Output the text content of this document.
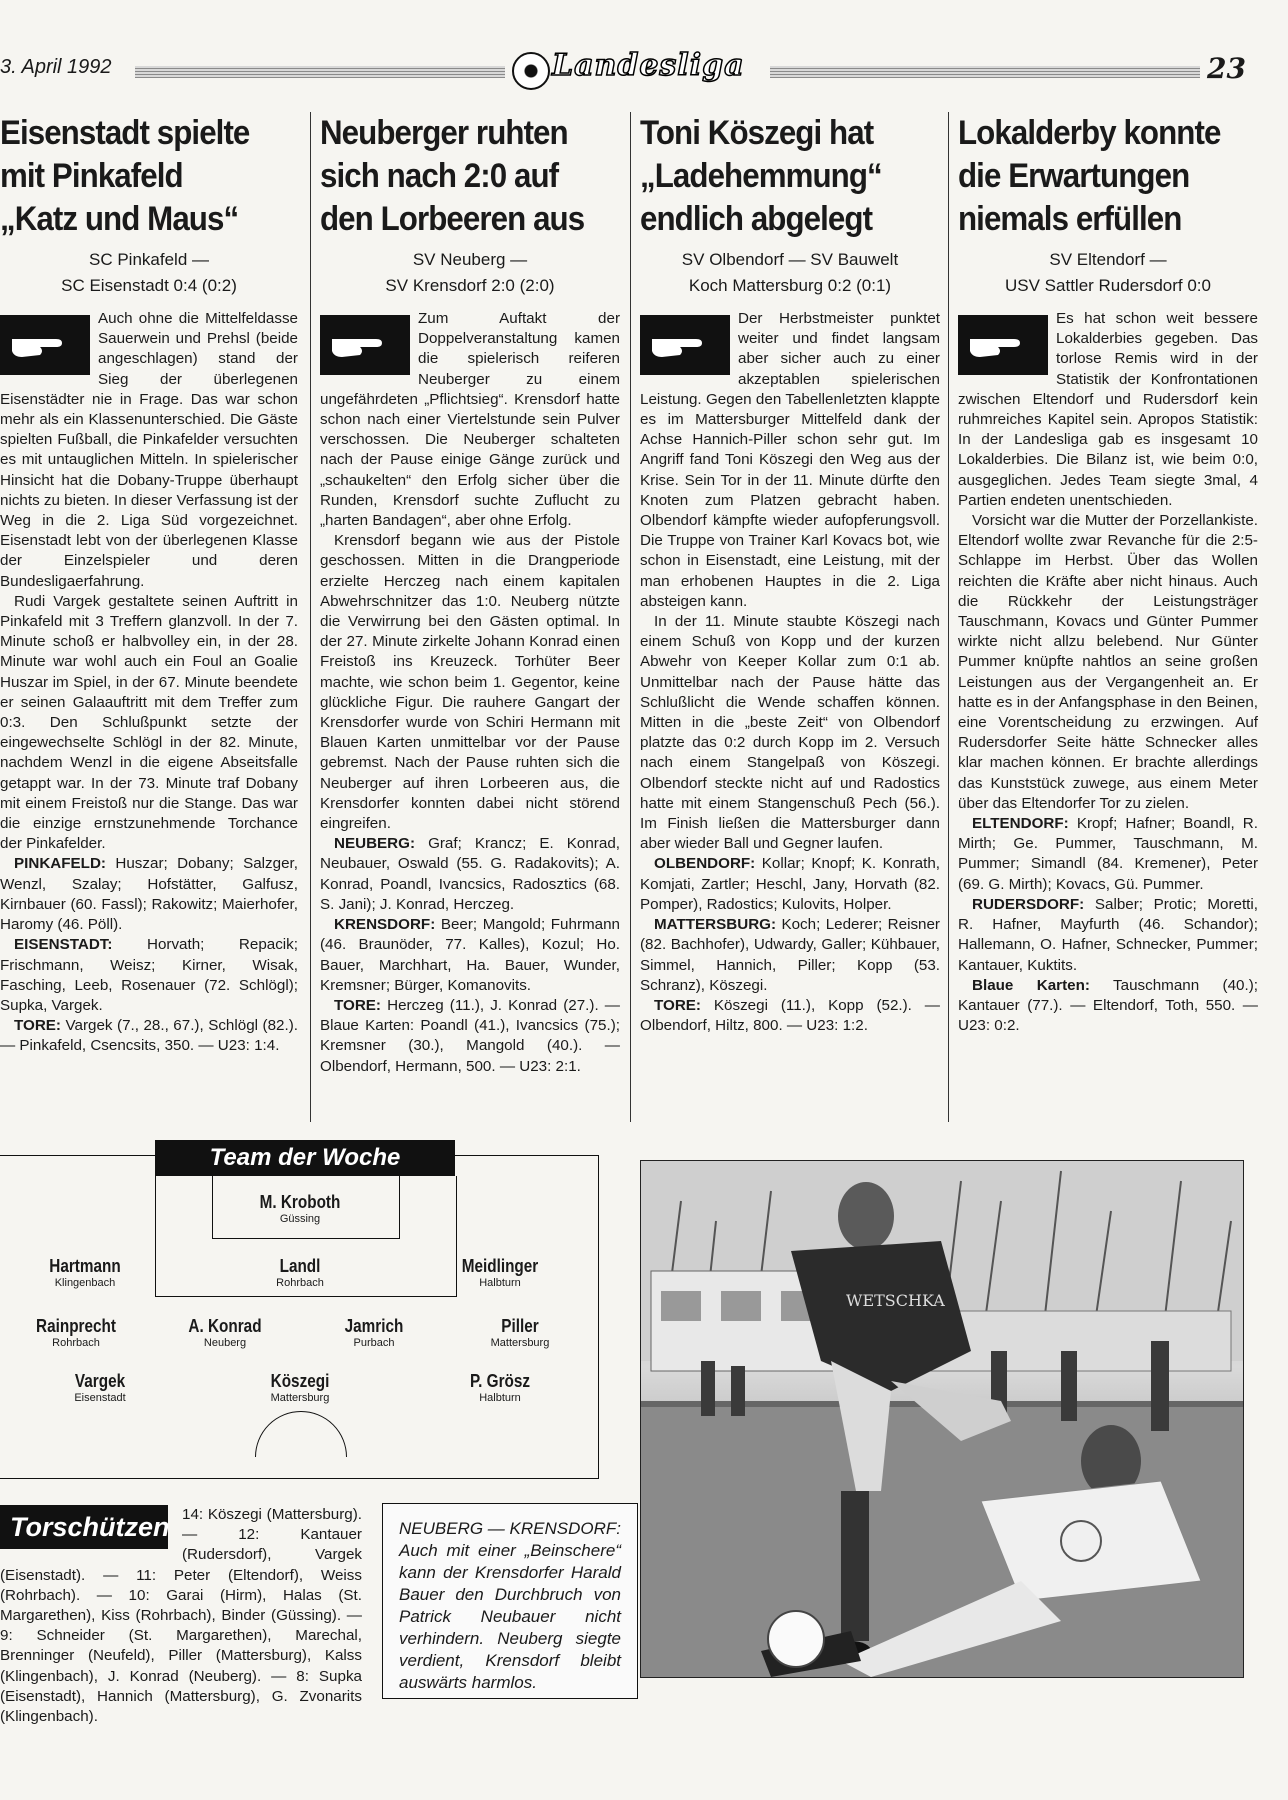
3. April 1992	Landesliga	23
Eisenstadt spielte
mit Pinkafeld
„Katz und Maus“
SC Pinkafeld —
SC Eisenstadt 0:4 (0:2)

Auch ohne die Mittelfeldasse Sauerwein und Prehsl (beide angeschlagen) stand der Sieg der überlegenen Eisenstädter nie in Frage. Das war schon mehr als ein Klassenunterschied. Die Gäste spielten Fußball, die Pinkafelder versuchten es mit untauglichen Mitteln. In spielerischer Hinsicht hat die Dobany-Truppe überhaupt nichts zu bieten. In dieser Verfassung ist der Weg in die 2. Liga Süd vorgezeichnet. Eisenstadt lebt von der überlegenen Klasse der Einzelspieler und deren Bundesligaerfahrung.

Rudi Vargek gestaltete seinen Auftritt in Pinkafeld mit 3 Treffern glanzvoll. In der 7. Minute schoß er halbvolley ein, in der 28. Minute war wohl auch ein Foul an Goalie Huszar im Spiel, in der 67. Minute beendete er seinen Galaauftritt mit dem Treffer zum 0:3. Den Schlußpunkt setzte der eingewechselte Schlögl in der 82. Minute, nachdem Wenzl in die eigene Abseitsfalle getappt war. In der 73. Minute traf Dobany mit einem Freistoß nur die Stange. Das war die einzige ernstzunehmende Torchance der Pinkafelder.

PINKAFELD: Huszar; Dobany; Salzger, Wenzl, Szalay; Hofstätter, Galfusz, Kirnbauer (60. Fassl); Rakowitz; Maierhofer, Haromy (46. Pöll).

EISENSTADT: Horvath; Repacik; Frischmann, Weisz; Kirner, Wisak, Fasching, Leeb, Rosenauer (72. Schlögl); Supka, Vargek.

TORE: Vargek (7., 28., 67.), Schlögl (82.). — Pinkafeld, Csencsits, 350. — U23: 1:4.

Neuberger ruhten
sich nach 2:0 auf
den Lorbeeren aus
SV Neuberg —
SV Krensdorf 2:0 (2:0)

Zum Auftakt der Doppelveranstaltung kamen die spielerisch reiferen Neuberger zu einem ungefährdeten „Pflichtsieg“. Krensdorf hatte schon nach einer Viertelstunde sein Pulver verschossen. Die Neuberger schalteten nach der Pause einige Gänge zurück und „schaukelten“ den Erfolg sicher über die Runden, Krensdorf suchte Zuflucht zu „harten Bandagen“, aber ohne Erfolg.

Krensdorf begann wie aus der Pistole geschossen. Mitten in die Drangperiode erzielte Herczeg nach einem kapitalen Abwehrschnitzer das 1:0. Neuberg nützte die Verwirrung bei den Gästen optimal. In der 27. Minute zirkelte Johann Konrad einen Freistoß ins Kreuzeck. Torhüter Beer machte, wie schon beim 1. Gegentor, keine glückliche Figur. Die rauhere Gangart der Krensdorfer wurde von Schiri Hermann mit Blauen Karten unmittelbar vor der Pause gebremst. Nach der Pause ruhten sich die Neuberger auf ihren Lorbeeren aus, die Krensdorfer konnten dabei nicht störend eingreifen.

NEUBERG: Graf; Krancz; E. Konrad, Neubauer, Oswald (55. G. Radakovits); A. Konrad, Poandl, Ivancsics, Radosztics (68. S. Jani); J. Konrad, Herczeg.

KRENSDORF: Beer; Mangold; Fuhrmann (46. Braunöder, 77. Kalles), Kozul; Ho. Bauer, Marchhart, Ha. Bauer, Wunder, Kremsner; Bürger, Komanovits.

TORE: Herczeg (11.), J. Konrad (27.). — Blaue Karten: Poandl (41.), Ivancsics (75.); Kremsner (30.), Mangold (40.). — Olbendorf, Hermann, 500. — U23: 2:1.

Toni Köszegi hat
„Ladehemmung“
endlich abgelegt
SV Olbendorf — SV Bauwelt
Koch Mattersburg 0:2 (0:1)

Der Herbstmeister punktet weiter und findet langsam aber sicher auch zu einer akzeptablen spielerischen Leistung. Gegen den Tabellenletzten klappte es im Mattersburger Mittelfeld dank der Achse Hannich-Piller schon sehr gut. Im Angriff fand Toni Köszegi den Weg aus der Krise. Sein Tor in der 11. Minute dürfte den Knoten zum Platzen gebracht haben. Olbendorf kämpfte wieder aufopferungsvoll. Die Truppe von Trainer Karl Kovacs bot, wie schon in Eisenstadt, eine Leistung, mit der man erhobenen Hauptes in die 2. Liga absteigen kann.

In der 11. Minute staubte Köszegi nach einem Schuß von Kopp und der kurzen Abwehr von Keeper Kollar zum 0:1 ab. Unmittelbar nach der Pause hätte das Schlußlicht die Wende schaffen können. Mitten in die „beste Zeit“ von Olbendorf platzte das 0:2 durch Kopp im 2. Versuch nach einem Stangelpaß von Köszegi. Olbendorf steckte nicht auf und Radostics hatte mit einem Stangenschuß Pech (56.). Im Finish ließen die Mattersburger dann aber wieder Ball und Gegner laufen.

OLBENDORF: Kollar; Knopf; K. Konrath, Komjati, Zartler; Heschl, Jany, Horvath (82. Pomper), Radostics; Kulovits, Holper.

MATTERSBURG: Koch; Lederer; Reisner (82. Bachhofer), Udwardy, Galler; Kühbauer, Simmel, Hannich, Piller; Kopp (53. Schranz), Köszegi.

TORE: Köszegi (11.), Kopp (52.). — Olbendorf, Hiltz, 800. — U23: 1:2.

Lokalderby konnte
die Erwartungen
niemals erfüllen
SV Eltendorf —
USV Sattler Rudersdorf 0:0

Es hat schon weit bessere Lokalderbies gegeben. Das torlose Remis wird in der Statistik der Konfrontationen zwischen Eltendorf und Rudersdorf kein ruhmreiches Kapitel sein. Apropos Statistik: In der Landesliga gab es insgesamt 10 Lokalderbies. Die Bilanz ist, wie beim 0:0, ausgeglichen. Jedes Team siegte 3mal, 4 Partien endeten unentschieden.

Vorsicht war die Mutter der Porzellankiste. Eltendorf wollte zwar Revanche für die 2:5-Schlappe im Herbst. Über das Wollen reichten die Kräfte aber nicht hinaus. Auch die Rückkehr der Leistungsträger Tauschmann, Kovacs und Günter Pummer wirkte nicht allzu belebend. Nur Günter Pummer knüpfte nahtlos an seine großen Leistungen aus der Vergangenheit an. Er hatte es in der Anfangsphase in den Beinen, eine Vorentscheidung zu erzwingen. Auf Rudersdorfer Seite hätte Schnecker alles klar machen können. Er brachte allerdings das Kunststück zuwege, aus einem Meter über das Eltendorfer Tor zu zielen.

ELTENDORF: Kropf; Hafner; Boandl, R. Mirth; Ge. Pummer, Tauschmann, M. Pummer; Simandl (84. Kremener), Peter (69. G. Mirth); Kovacs, Gü. Pummer.

RUDERSDORF: Salber; Protic; Moretti, R. Hafner, Mayfurth (46. Schandor); Hallemann, O. Hafner, Schnecker, Pummer; Kantauer, Kuktits.

Blaue Karten: Tauschmann (40.); Kantauer (77.). — Eltendorf, Toth, 550. — U23: 0:2.

Team der Woche
M. Kroboth
Güssing
Hartmann
Klingenbach
Landl
Rohrbach
Meidlinger
Halbturn
Rainprecht
Rohrbach
A. Konrad
Neuberg
Jamrich
Purbach
Piller
Mattersburg
Vargek
Eisenstadt
Köszegi
Mattersburg
P. Grösz
Halbturn
Torschützen 14: Köszegi (Mattersburg). — 12: Kantauer (Rudersdorf), Vargek (Eisenstadt). — 11: Peter (Eltendorf), Weiss (Rohrbach). — 10: Garai (Hirm), Halas (St. Margarethen), Kiss (Rohrbach), Binder (Güssing). — 9: Schneider (St. Margarethen), Marechal, Brenninger (Neufeld), Piller (Mattersburg), Kalss (Klingenbach), J. Konrad (Neuberg). — 8: Supka (Eisenstadt), Hannich (Mattersburg), G. Zvonarits (Klingenbach).
NEUBERG — KRENSDORF: Auch mit einer „Beinschere“ kann der Krensdorfer Harald Bauer den Durchbruch von Patrick Neubauer nicht verhindern. Neuberg siegte verdient, Krensdorf bleibt auswärts harmlos.
WETSCHKA
